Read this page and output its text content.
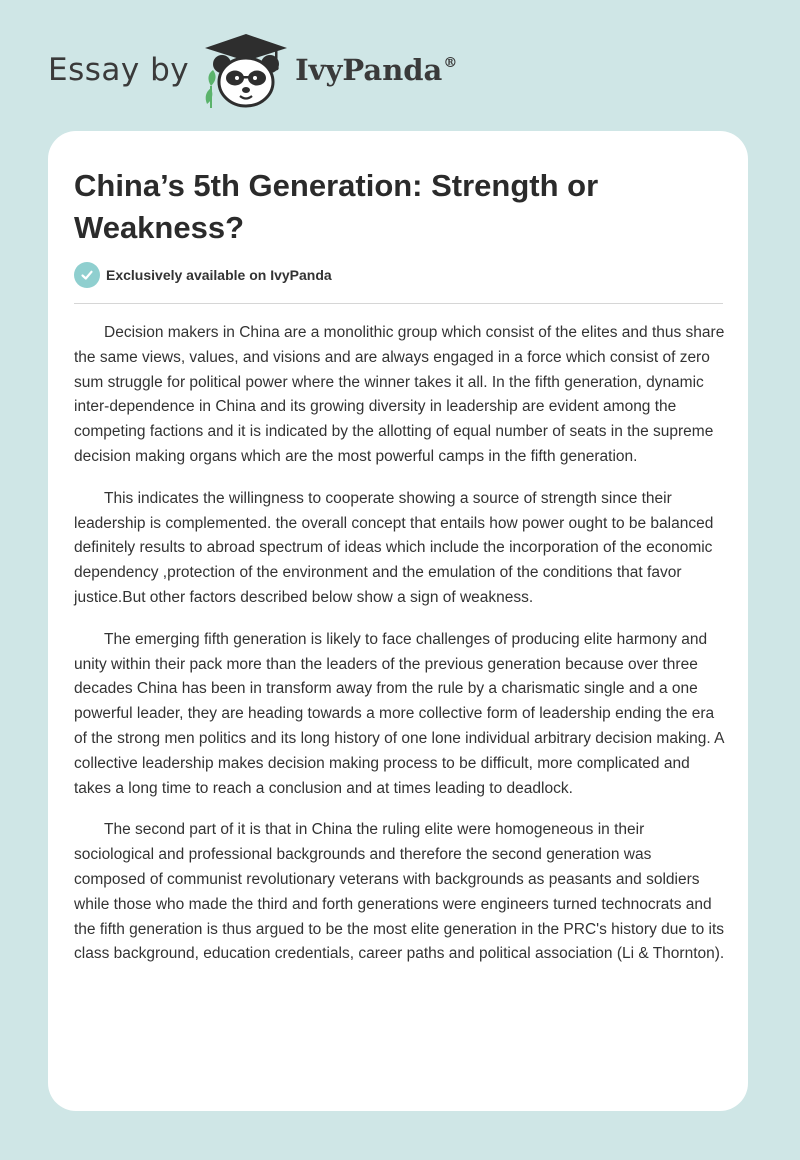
Essay by	IvyPanda®
China’s 5th Generation: Strength or Weakness?
Exclusively available on IvyPanda

Decision makers in China are a monolithic group which consist of the elites and thus share the same views, values, and visions and are always engaged in a force which consist of zero sum struggle for political power where the winner takes it all. In the fifth generation, dynamic inter-dependence in China and its growing diversity in leadership are evident among the competing factions and it is indicated by the allotting of equal number of seats in the supreme decision making organs which are the most powerful camps in the fifth generation.

This indicates the willingness to cooperate showing a source of strength since their leadership is complemented. the overall concept that entails how power ought to be balanced definitely results to abroad spectrum of ideas which include the incorporation of the economic dependency ,protection of the environment and the emulation of the conditions that favor justice.But other factors described below show a sign of weakness.

The emerging fifth generation is likely to face challenges of producing elite harmony and unity within their pack more than the leaders of the previous generation because over three decades China has been in transform away from the rule by a charismatic single and a one powerful leader, they are heading towards a more collective form of leadership ending the era of the strong men politics and its long history of one lone individual arbitrary decision making. A collective leadership makes decision making process to be difficult, more complicated and takes a long time to reach a conclusion and at times leading to deadlock.

The second part of it is that in China the ruling elite were homogeneous in their sociological and professional backgrounds and therefore the second generation was composed of communist revolutionary veterans with backgrounds as peasants and soldiers while those who made the third and forth generations were engineers turned technocrats and the fifth generation is thus argued to be the most elite generation in the PRC's history due to its class background, education credentials, career paths and political association (Li & Thornton).
